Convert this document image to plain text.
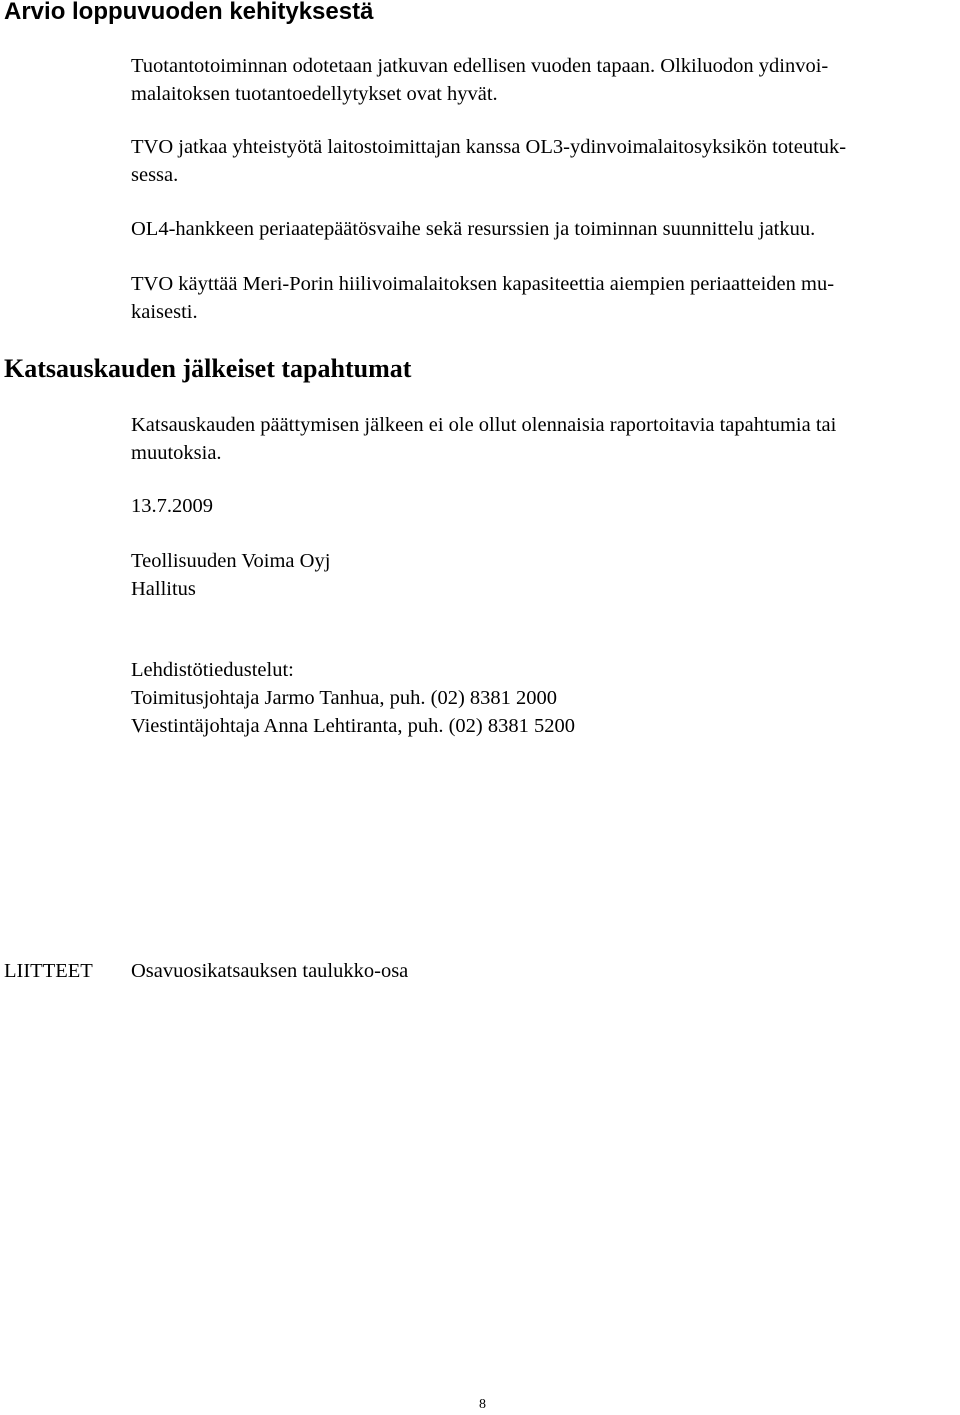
Arvio loppuvuoden kehityksestä

Tuotantotoiminnan odotetaan jatkuvan edellisen vuoden tapaan. Olkiluodon ydinvoi-
malaitoksen tuotantoedellytykset ovat hyvät.

TVO jatkaa yhteistyötä laitostoimittajan kanssa OL3-ydinvoimalaitosyksikön toteutuk-
sessa.

OL4-hankkeen periaatepäätösvaihe sekä resurssien ja toiminnan suunnittelu jatkuu.

TVO käyttää Meri-Porin hiilivoimalaitoksen kapasiteettia aiempien periaatteiden mu-
kaisesti.

Katsauskauden jälkeiset tapahtumat

Katsauskauden päättymisen jälkeen ei ole ollut olennaisia raportoitavia tapahtumia tai
muutoksia.

13.7.2009

Teollisuuden Voima Oyj
Hallitus

Lehdistötiedustelut:
Toimitusjohtaja Jarmo Tanhua, puh. (02) 8381 2000
Viestintäjohtaja Anna Lehtiranta, puh. (02) 8381 5200

LIITTEET Osavuosikatsauksen taulukko-osa

8
